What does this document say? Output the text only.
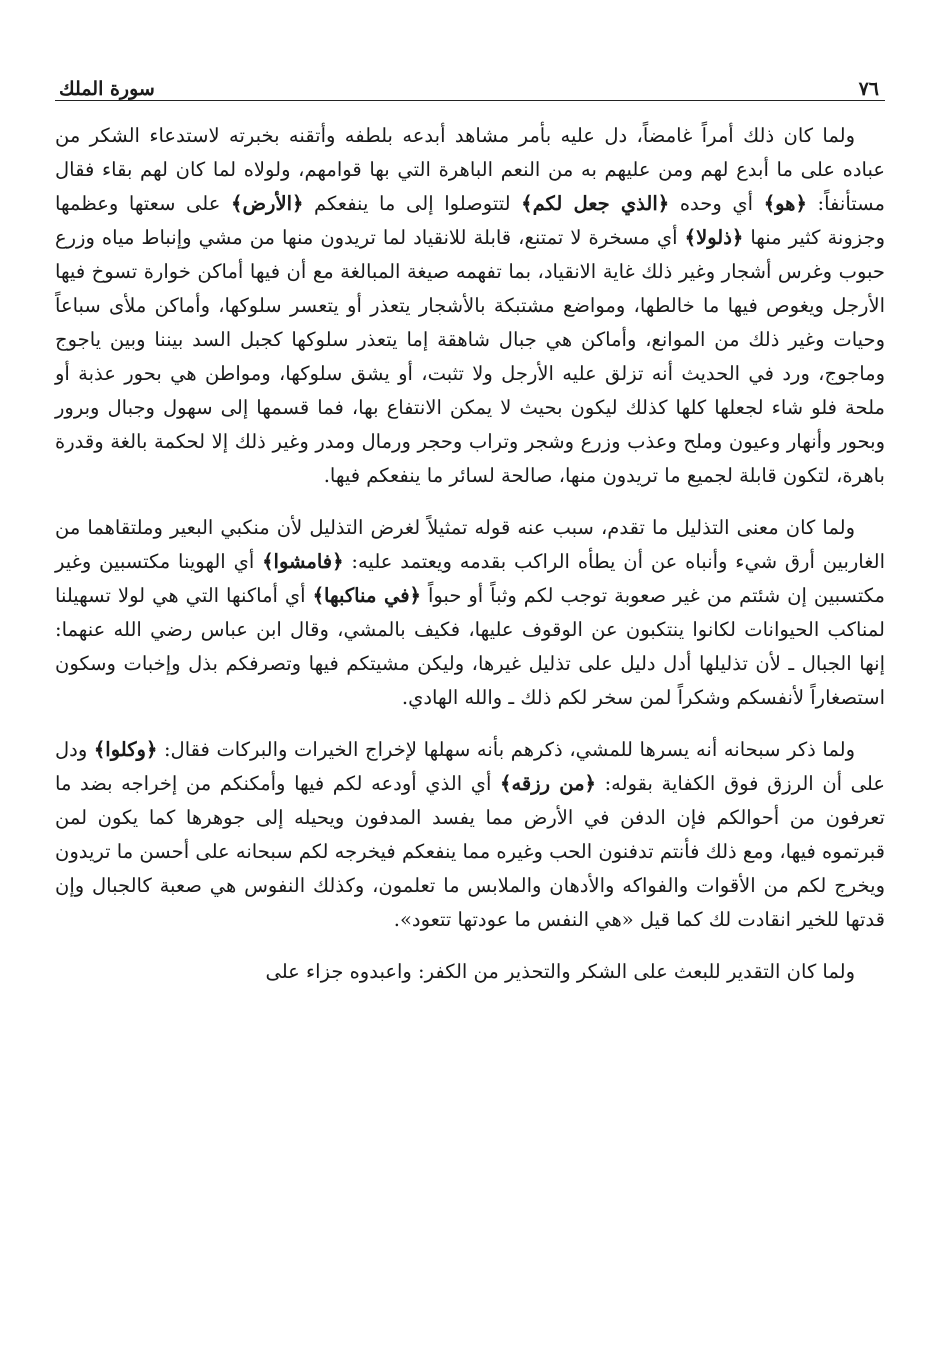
٧٦
سورة الملك

ولما كان ذلك أمراً غامضاً، دل عليه بأمر مشاهد أبدعه بلطفه وأتقنه بخبرته لاستدعاء الشكر من عباده على ما أبدع لهم ومن عليهم به من النعم الباهرة التي بها قوامهم، ولولاه لما كان لهم بقاء فقال مستأنفاً: ﴿هو﴾ أي وحده ﴿الذي جعل لكم﴾ لتتوصلوا إلى ما ينفعكم ﴿الأرض﴾ على سعتها وعظمها وجزونة كثير منها ﴿ذلولا﴾ أي مسخرة لا تمتنع، قابلة للانقياد لما تريدون منها من مشي وإنباط مياه وزرع حبوب وغرس أشجار وغير ذلك غاية الانقياد، بما تفهمه صيغة المبالغة مع أن فيها أماكن خوارة تسوخ فيها الأرجل ويغوص فيها ما خالطها، ومواضع مشتبكة بالأشجار يتعذر أو يتعسر سلوكها، وأماكن ملأى سباعاً وحيات وغير ذلك من الموانع، وأماكن هي جبال شاهقة إما يتعذر سلوكها كجبل السد بيننا وبين ياجوج وماجوج، ورد في الحديث أنه تزلق عليه الأرجل ولا تثبت، أو يشق سلوكها، ومواطن هي بحور عذبة أو ملحة فلو شاء لجعلها كلها كذلك ليكون بحيث لا يمكن الانتفاع بها، فما قسمها إلى سهول وجبال وبرور وبحور وأنهار وعيون وملح وعذب وزرع وشجر وتراب وحجر ورمال ومدر وغير ذلك إلا لحكمة بالغة وقدرة باهرة، لتكون قابلة لجميع ما تريدون منها، صالحة لسائر ما ينفعكم فيها.

ولما كان معنى التذليل ما تقدم، سبب عنه قوله تمثيلاً لغرض التذليل لأن منكبي البعير وملتقاهما من الغاربين أرق شيء وأنباه عن أن يطأه الراكب بقدمه ويعتمد عليه: ﴿فامشوا﴾ أي الهوينا مكتسبين وغير مكتسبين إن شئتم من غير صعوبة توجب لكم وثباً أو حبواً ﴿في مناكبها﴾ أي أماكنها التي هي لولا تسهيلنا لمناكب الحيوانات لكانوا ينتكبون عن الوقوف عليها، فكيف بالمشي، وقال ابن عباس رضي الله عنهما: إنها الجبال ـ لأن تذليلها أدل دليل على تذليل غيرها، وليكن مشيتكم فيها وتصرفكم بذل وإخبات وسكون استصغاراً لأنفسكم وشكراً لمن سخر لكم ذلك ـ والله الهادي.

ولما ذكر سبحانه أنه يسرها للمشي، ذكرهم بأنه سهلها لإخراج الخيرات والبركات فقال: ﴿وكلوا﴾ ودل على أن الرزق فوق الكفاية بقوله: ﴿من رزقه﴾ أي الذي أودعه لكم فيها وأمكنكم من إخراجه بضد ما تعرفون من أحوالكم فإن الدفن في الأرض مما يفسد المدفون ويحيله إلى جوهرها كما يكون لمن قبرتموه فيها، ومع ذلك فأنتم تدفنون الحب وغيره مما ينفعكم فيخرجه لكم سبحانه على أحسن ما تريدون ويخرج لكم من الأقوات والفواكه والأدهان والملابس ما تعلمون، وكذلك النفوس هي صعبة كالجبال وإن قدتها للخير انقادت لك كما قيل «هي النفس ما عودتها تتعود».

ولما كان التقدير للبعث على الشكر والتحذير من الكفر: واعبدوه جزاء على
